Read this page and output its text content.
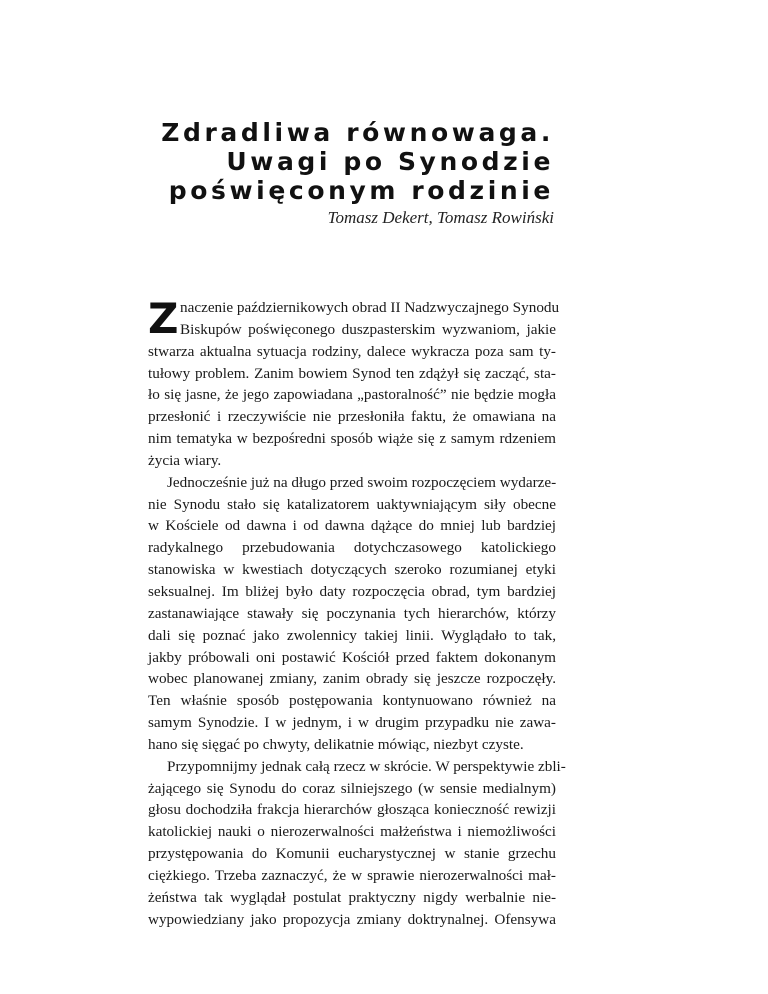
Zdradliwa równowaga.
Uwagi po Synodzie
poświęconym rodzinie
Tomasz Dekert, Tomasz Rowiński
Z naczenie październikowych obrad II Nadzwyczajnego Synodu
Biskupów poświęconego duszpasterskim wyzwaniom, jakie
stwarza aktualna sytuacja rodziny, dalece wykracza poza sam ty-
tułowy problem. Zanim bowiem Synod ten zdążył się zacząć, sta-
ło się jasne, że jego zapowiadana „pastoralność” nie będzie mogła
przesłonić i rzeczywiście nie przesłoniła faktu, że omawiana na
nim tematyka w bezpośredni sposób wiąże się z samym rdzeniem
życia wiary.

Jednocześnie już na długo przed swoim rozpoczęciem wydarze-
nie Synodu stało się katalizatorem uaktywniającym siły obecne
w Kościele od dawna i od dawna dążące do mniej lub bardziej
radykalnego przebudowania dotychczasowego katolickiego
stanowiska w kwestiach dotyczących szeroko rozumianej etyki
seksualnej. Im bliżej było daty rozpoczęcia obrad, tym bardziej
zastanawiające stawały się poczynania tych hierarchów, którzy
dali się poznać jako zwolennicy takiej linii. Wyglądało to tak,
jakby próbowali oni postawić Kościół przed faktem dokonanym
wobec planowanej zmiany, zanim obrady się jeszcze rozpoczęły.
Ten właśnie sposób postępowania kontynuowano również na
samym Synodzie. I w jednym, i w drugim przypadku nie zawa-
hano się sięgać po chwyty, delikatnie mówiąc, niezbyt czyste.

Przypomnijmy jednak całą rzecz w skrócie. W perspektywie zbli-
żającego się Synodu do coraz silniejszego (w sensie medialnym)
głosu dochodziła frakcja hierarchów głosząca konieczność rewizji
katolickiej nauki o nierozerwalności małżeństwa i niemożliwości
przystępowania do Komunii eucharystycznej w stanie grzechu
ciężkiego. Trzeba zaznaczyć, że w sprawie nierozerwalności mał-
żeństwa tak wyglądał postulat praktyczny nigdy werbalnie nie-
wypowiedziany jako propozycja zmiany doktrynalnej. Ofensywa
